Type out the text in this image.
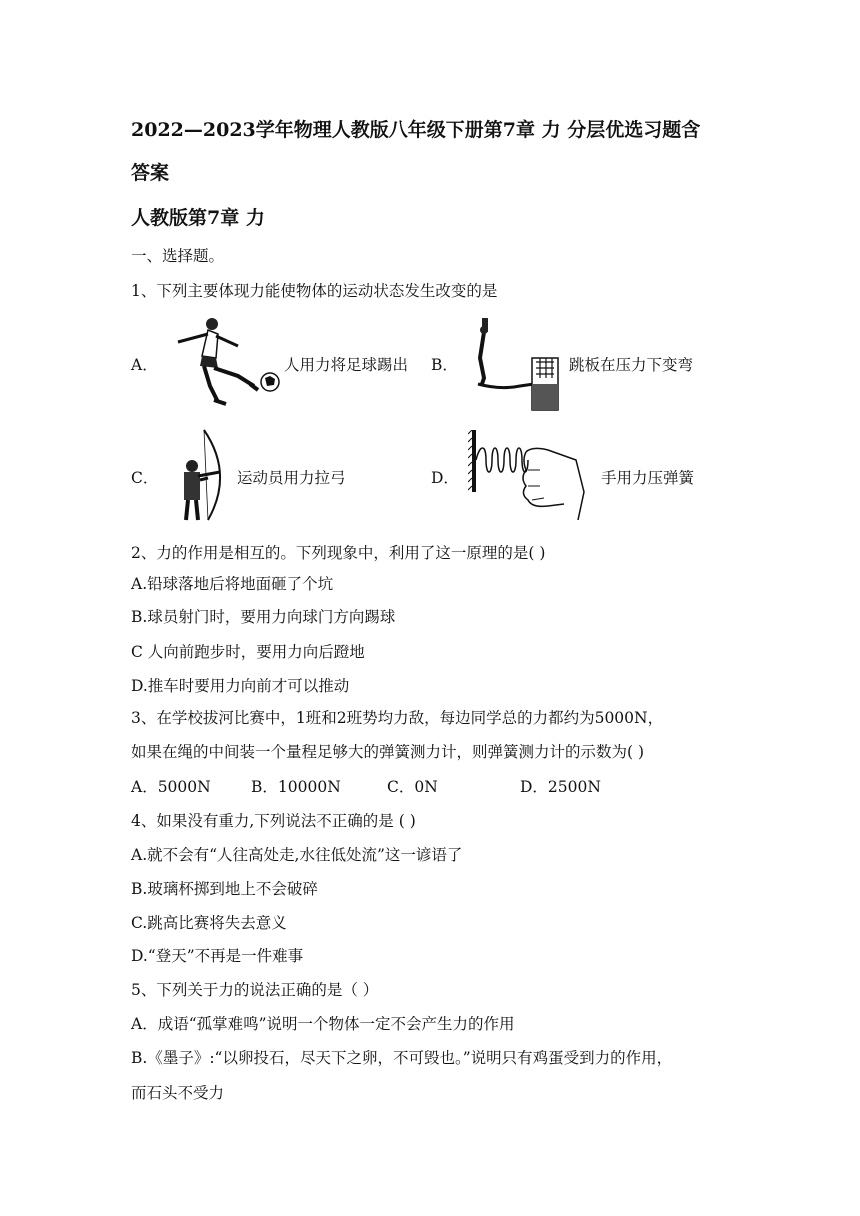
2022—2023学年物理人教版八年级下册第7章 力 分层优选习题含
答案
人教版第7章 力
一、选择题。
1、下列主要体现力能使物体的运动状态发生改变的是
A．	人用力将足球踢出 B．	跳板在压力下变弯
C．	运动员用力拉弓	D．	手用力压弹簧
2、力的作用是相互的。下列现象中，利用了这一原理的是( )
A.铅球落地后将地面砸了个坑
B.球员射门时，要用力向球门方向踢球
C 人向前跑步时，要用力向后蹬地
D.推车时要用力向前才可以推动
3、在学校拔河比赛中，1班和2班势均力敌，每边同学总的力都约为5000N，
如果在绳的中间装一个量程足够大的弹簧测力计，则弹簧测力计的示数为( )
A．5000N	B．10000N	C．0N	D．2500N
4、如果没有重力,下列说法不正确的是 ( )
A.就不会有“人往高处走,水往低处流”这一谚语了
B.玻璃杯掷到地上不会破碎
C.跳高比赛将失去意义
D.“登天”不再是一件难事
5、下列关于力的说法正确的是（ ）
A．成语“孤掌难鸣”说明一个物体一定不会产生力的作用
B.《墨子》:“以卵投石，尽天下之卵，不可毁也。”说明只有鸡蛋受到力的作用，
而石头不受力
